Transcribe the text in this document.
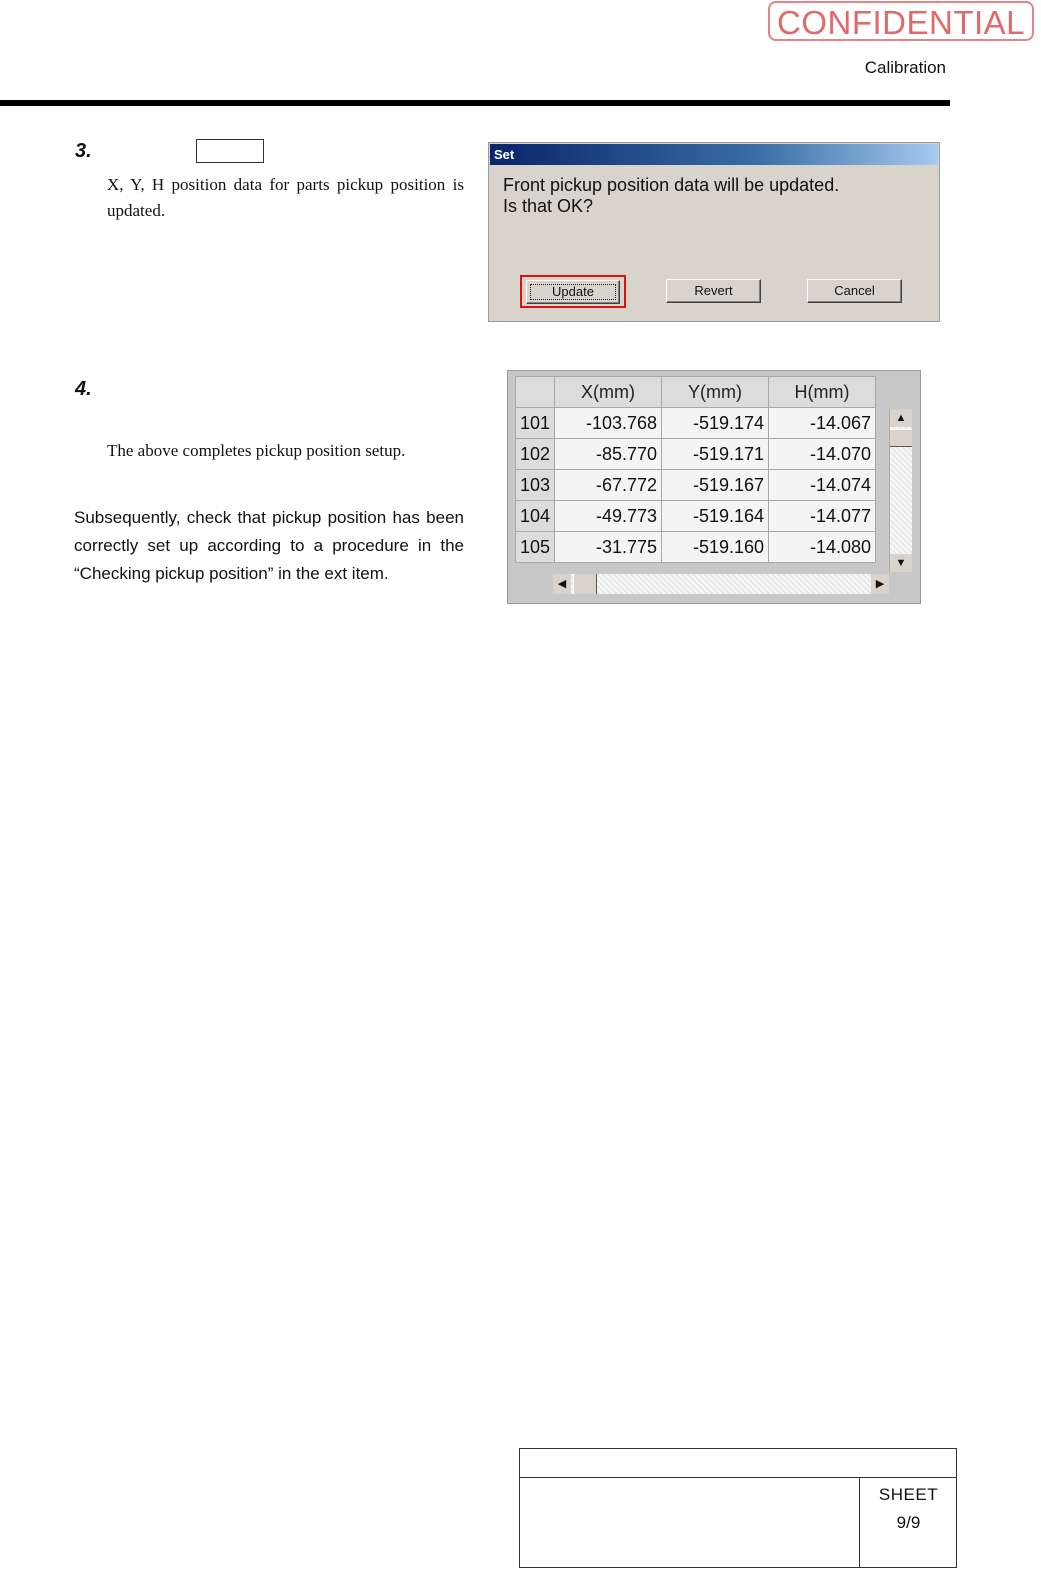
CONFIDENTIAL
Calibration
3.
X, Y, H position data for parts pickup position is updated.
Set
Front pickup position data will be updated.
Is that OK?
Update	Revert	Cancel
4.
The above completes pickup position setup.
Subsequently, check that pickup position has been correctly set up according to a procedure in the “Checking pickup position” in the ext item.
	X(mm)	Y(mm)	H(mm)
101	-103.768	-519.174	-14.067
102	-85.770	-519.171	-14.070
103	-67.772	-519.167	-14.074
104	-49.773	-519.164	-14.077
105	-31.775	-519.160	-14.080
▲
▼
◀	▶
SHEET
9/9
